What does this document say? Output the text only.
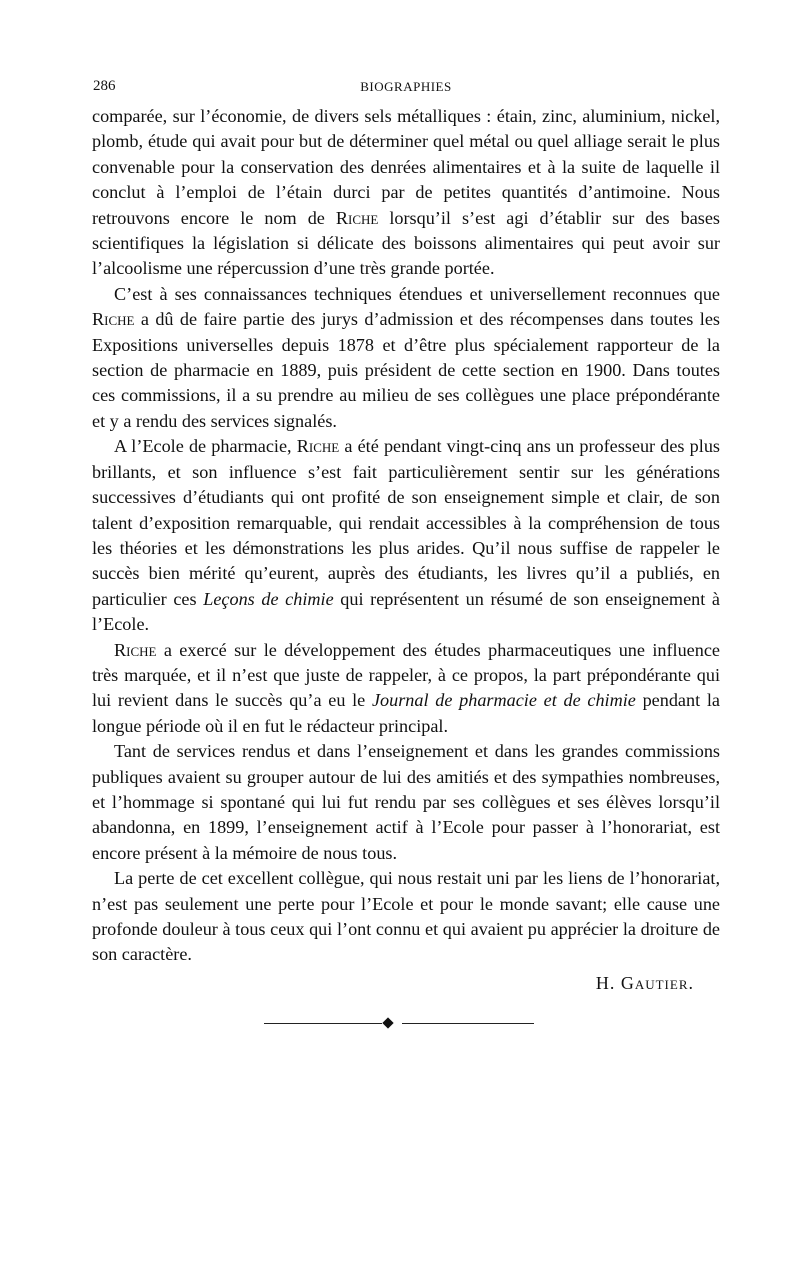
286	BIOGRAPHIES

comparée, sur l’économie, de divers sels métalliques : étain, zinc, aluminium, nickel, plomb, étude qui avait pour but de déterminer quel métal ou quel alliage serait le plus convenable pour la conservation des denrées alimentaires et à la suite de laquelle il conclut à l’emploi de l’étain durci par de petites quantités d’antimoine. Nous retrouvons encore le nom de Riche lorsqu’il s’est agi d’établir sur des bases scientifiques la législation si délicate des boissons alimentaires qui peut avoir sur l’alcoolisme une répercussion d’une très grande portée.

C’est à ses connaissances techniques étendues et universellement reconnues que Riche a dû de faire partie des jurys d’admission et des récompenses dans toutes les Expositions universelles depuis 1878 et d’être plus spécialement rapporteur de la section de pharmacie en 1889, puis président de cette section en 1900. Dans toutes ces commissions, il a su prendre au milieu de ses collègues une place prépondérante et y a rendu des services signalés.

A l’Ecole de pharmacie, Riche a été pendant vingt-cinq ans un professeur des plus brillants, et son influence s’est fait particulièrement sentir sur les générations successives d’étudiants qui ont profité de son enseignement simple et clair, de son talent d’exposition remarquable, qui rendait accessibles à la compréhension de tous les théories et les démonstrations les plus arides. Qu’il nous suffise de rappeler le succès bien mérité qu’eurent, auprès des étudiants, les livres qu’il a publiés, en particulier ces Leçons de chimie qui représentent un résumé de son enseignement à l’Ecole.

Riche a exercé sur le développement des études pharmaceutiques une influence très marquée, et il n’est que juste de rappeler, à ce propos, la part prépondérante qui lui revient dans le succès qu’a eu le Journal de pharmacie et de chimie pendant la longue période où il en fut le rédacteur principal.

Tant de services rendus et dans l’enseignement et dans les grandes commissions publiques avaient su grouper autour de lui des amitiés et des sympathies nombreuses, et l’hommage si spontané qui lui fut rendu par ses collègues et ses élèves lorsqu’il abandonna, en 1899, l’enseignement actif à l’Ecole pour passer à l’honorariat, est encore présent à la mémoire de nous tous.

La perte de cet excellent collègue, qui nous restait uni par les liens de l’honorariat, n’est pas seulement une perte pour l’Ecole et pour le monde savant; elle cause une profonde douleur à tous ceux qui l’ont connu et qui avaient pu apprécier la droiture de son caractère.

H. Gautier.
